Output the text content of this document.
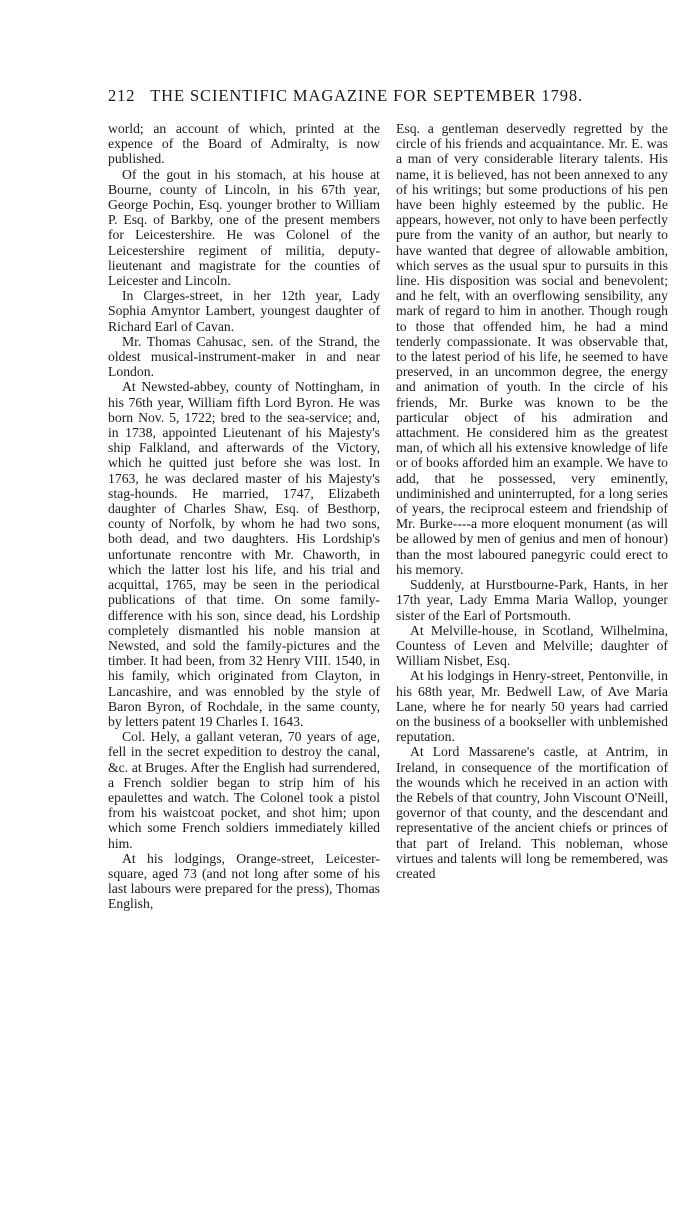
212 THE SCIENTIFIC MAGAZINE FOR SEPTEMBER 1798.

world; an account of which, printed at the expence of the Board of Admiralty, is now published.

Of the gout in his stomach, at his house at Bourne, county of Lincoln, in his 67th year, George Pochin, Esq. younger brother to William P. Esq. of Barkby, one of the present members for Leicestershire. He was Colonel of the Leicestershire regiment of militia, deputy-lieutenant and magistrate for the counties of Leicester and Lincoln.

In Clarges-street, in her 12th year, Lady Sophia Amyntor Lambert, youngest daughter of Richard Earl of Cavan.

Mr. Thomas Cahusac, sen. of the Strand, the oldest musical-instrument-maker in and near London.

At Newsted-abbey, county of Nottingham, in his 76th year, William fifth Lord Byron. He was born Nov. 5, 1722; bred to the sea-service; and, in 1738, appointed Lieutenant of his Majesty's ship Falkland, and afterwards of the Victory, which he quitted just before she was lost. In 1763, he was declared master of his Majesty's stag-hounds. He married, 1747, Elizabeth daughter of Charles Shaw, Esq. of Besthorp, county of Norfolk, by whom he had two sons, both dead, and two daughters. His Lordship's unfortunate rencontre with Mr. Chaworth, in which the latter lost his life, and his trial and acquittal, 1765, may be seen in the periodical publications of that time. On some family-difference with his son, since dead, his Lordship completely dismantled his noble mansion at Newsted, and sold the family-pictures and the timber. It had been, from 32 Henry VIII. 1540, in his family, which originated from Clayton, in Lancashire, and was ennobled by the style of Baron Byron, of Rochdale, in the same county, by letters patent 19 Charles I. 1643.

Col. Hely, a gallant veteran, 70 years of age, fell in the secret expedition to destroy the canal, &c. at Bruges. After the English had surrendered, a French soldier began to strip him of his epaulettes and watch. The Colonel took a pistol from his waistcoat pocket, and shot him; upon which some French soldiers immediately killed him.

At his lodgings, Orange-street, Leicester-square, aged 73 (and not long after some of his last labours were prepared for the press), Thomas English,

Esq. a gentleman deservedly regretted by the circle of his friends and acquaintance. Mr. E. was a man of very considerable literary talents. His name, it is believed, has not been annexed to any of his writings; but some productions of his pen have been highly esteemed by the public. He appears, however, not only to have been perfectly pure from the vanity of an author, but nearly to have wanted that degree of allowable ambition, which serves as the usual spur to pursuits in this line. His disposition was social and benevolent; and he felt, with an overflowing sensibility, any mark of regard to him in another. Though rough to those that offended him, he had a mind tenderly compassionate. It was observable that, to the latest period of his life, he seemed to have preserved, in an uncommon degree, the energy and animation of youth. In the circle of his friends, Mr. Burke was known to be the particular object of his admiration and attachment. He considered him as the greatest man, of which all his extensive knowledge of life or of books afforded him an example. We have to add, that he possessed, very eminently, undiminished and uninterrupted, for a long series of years, the reciprocal esteem and friendship of Mr. Burke----a more eloquent monument (as will be allowed by men of genius and men of honour) than the most laboured panegyric could erect to his memory.

Suddenly, at Hurstbourne-Park, Hants, in her 17th year, Lady Emma Maria Wallop, younger sister of the Earl of Portsmouth.

At Melville-house, in Scotland, Wilhelmina, Countess of Leven and Melville; daughter of William Nisbet, Esq.

At his lodgings in Henry-street, Pentonville, in his 68th year, Mr. Bedwell Law, of Ave Maria Lane, where he for nearly 50 years had carried on the business of a bookseller with unblemished reputation.

At Lord Massarene's castle, at Antrim, in Ireland, in consequence of the mortification of the wounds which he received in an action with the Rebels of that country, John Viscount O'Neill, governor of that county, and the descendant and representative of the ancient chiefs or princes of that part of Ireland. This nobleman, whose virtues and talents will long be remembered, was created
